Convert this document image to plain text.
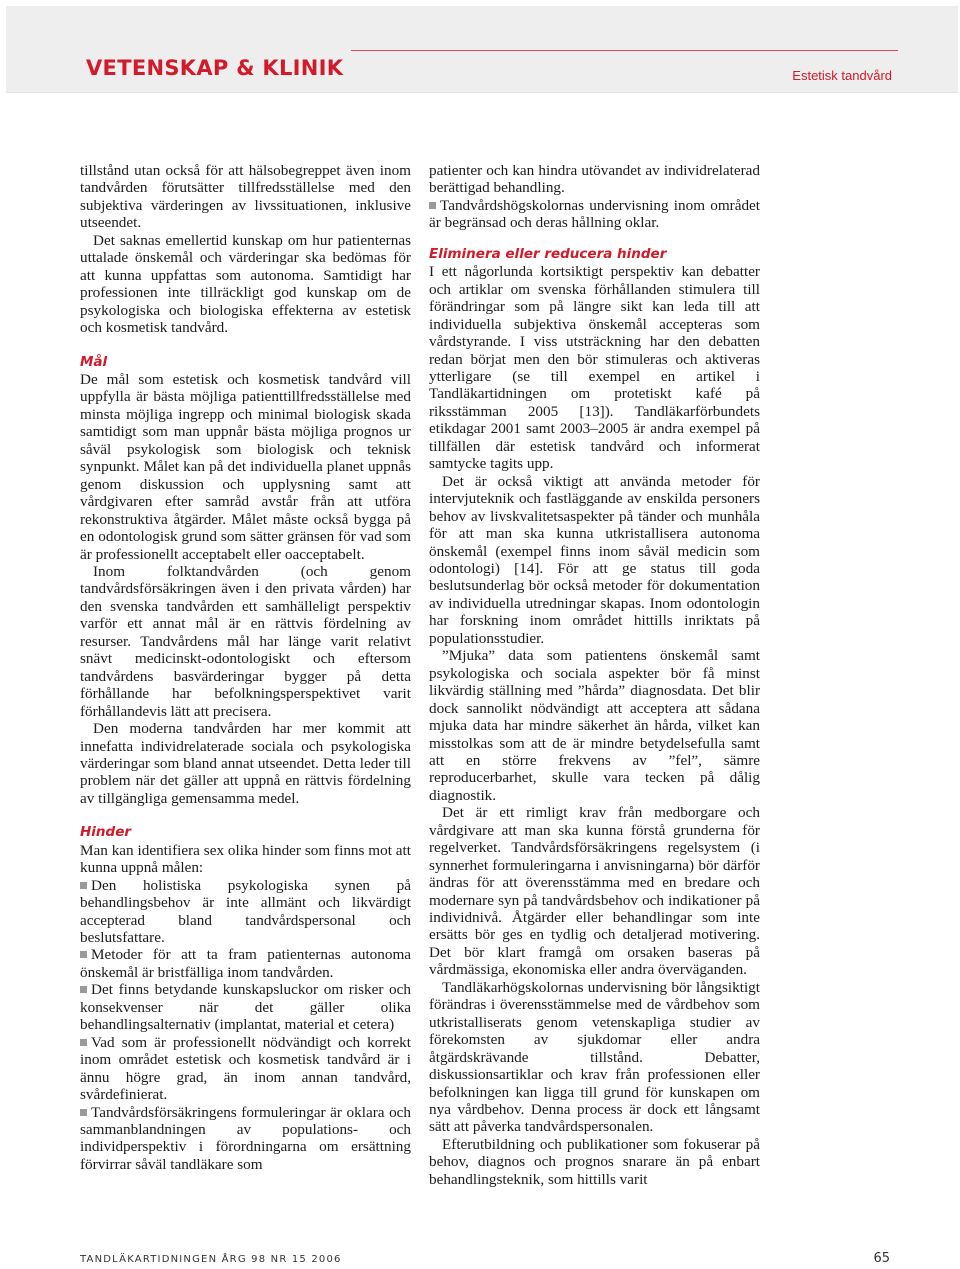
VETENSKAP & KLINIK	Estetisk tandvård

tillstånd utan också för att hälsobegreppet även inom tandvården förutsätter tillfredsställelse med den subjektiva värderingen av livssituationen, inklusive utseendet.

Det saknas emellertid kunskap om hur patienternas uttalade önskemål och värderingar ska bedömas för att kunna uppfattas som autonoma. Samtidigt har professionen inte tillräckligt god kunskap om de psykologiska och biologiska effekterna av estetisk och kosmetisk tandvård.

Mål

De mål som estetisk och kosmetisk tandvård vill uppfylla är bästa möjliga patienttillfredsställelse med minsta möjliga ingrepp och minimal biologisk skada samtidigt som man uppnår bästa möjliga prognos ur såväl psykologisk som biologisk och teknisk synpunkt. Målet kan på det individuella planet uppnås genom diskussion och upplysning samt att vårdgivaren efter samråd avstår från att utföra rekonstruktiva åtgärder. Målet måste också bygga på en odontologisk grund som sätter gränsen för vad som är professionellt acceptabelt eller oacceptabelt.

Inom folktandvården (och genom tandvårdsförsäkringen även i den privata vården) har den svenska tandvården ett samhälleligt perspektiv varför ett annat mål är en rättvis fördelning av resurser. Tandvårdens mål har länge varit relativt snävt medicinskt-odontologiskt och eftersom tandvårdens basvärderingar bygger på detta förhållande har befolkningsperspektivet varit förhållandevis lätt att precisera.

Den moderna tandvården har mer kommit att innefatta individrelaterade sociala och psykologiska värderingar som bland annat utseendet. Detta leder till problem när det gäller att uppnå en rättvis fördelning av tillgängliga gemensamma medel.

Hinder

Man kan identifiera sex olika hinder som finns mot att kunna uppnå målen:

Den holistiska psykologiska synen på behandlingsbehov är inte allmänt och likvärdigt accepterad bland tandvårdspersonal och beslutsfattare.

Metoder för att ta fram patienternas autonoma önskemål är bristfälliga inom tandvården.

Det finns betydande kunskapsluckor om risker och konsekvenser när det gäller olika behandlingsalternativ (implantat, material et cetera)

Vad som är professionellt nödvändigt och korrekt inom området estetisk och kosmetisk tandvård är i ännu högre grad, än inom annan tandvård, svårdefinierat.

Tandvårdsförsäkringens formuleringar är oklara och sammanblandningen av populations- och individperspektiv i förordningarna om ersättning förvirrar såväl tandläkare som

patienter och kan hindra utövandet av individrelaterad berättigad behandling.

Tandvårdshögskolornas undervisning inom området är begränsad och deras hållning oklar.

Eliminera eller reducera hinder

I ett någorlunda kortsiktigt perspektiv kan debatter och artiklar om svenska förhållanden stimulera till förändringar som på längre sikt kan leda till att individuella subjektiva önskemål accepteras som vårdstyrande. I viss utsträckning har den debatten redan börjat men den bör stimuleras och aktiveras ytterligare (se till exempel en artikel i Tandläkartidningen om protetiskt kafé på riksstämman 2005 [13]). Tandläkarförbundets etikdagar 2001 samt 2003–2005 är andra exempel på tillfällen där estetisk tandvård och informerat samtycke tagits upp.

Det är också viktigt att använda metoder för intervjuteknik och fastläggande av enskilda personers behov av livskvalitetsaspekter på tänder och munhåla för att man ska kunna utkristallisera autonoma önskemål (exempel finns inom såväl medicin som odontologi) [14]. För att ge status till goda beslutsunderlag bör också metoder för dokumentation av individuella utredningar skapas. Inom odontologin har forskning inom området hittills inriktats på populationsstudier.

”Mjuka” data som patientens önskemål samt psykologiska och sociala aspekter bör få minst likvärdig ställning med ”hårda” diagnosdata. Det blir dock sannolikt nödvändigt att acceptera att sådana mjuka data har mindre säkerhet än hårda, vilket kan misstolkas som att de är mindre betydelsefulla samt att en större frekvens av ”fel”, sämre reproducerbarhet, skulle vara tecken på dålig diagnostik.

Det är ett rimligt krav från medborgare och vårdgivare att man ska kunna förstå grunderna för regelverket. Tandvårdsförsäkringens regelsystem (i synnerhet formuleringarna i anvisningarna) bör därför ändras för att överensstämma med en bredare och modernare syn på tandvårdsbehov och indikationer på individnivå. Åtgärder eller behandlingar som inte ersätts bör ges en tydlig och detaljerad motivering. Det bör klart framgå om orsaken baseras på vårdmässiga, ekonomiska eller andra överväganden.

Tandläkarhögskolornas undervisning bör långsiktigt förändras i överensstämmelse med de vårdbehov som utkristalliserats genom vetenskapliga studier av förekomsten av sjukdomar eller andra åtgärdskrävande tillstånd. Debatter, diskussionsartiklar och krav från professionen eller befolkningen kan ligga till grund för kunskapen om nya vårdbehov. Denna process är dock ett långsamt sätt att påverka tandvårdspersonalen.

Efterutbildning och publikationer som fokuserar på behov, diagnos och prognos snarare än på enbart behandlingsteknik, som hittills varit

TANDLÄKARTIDNINGEN ÅRG 98 NR 15 2006	65
